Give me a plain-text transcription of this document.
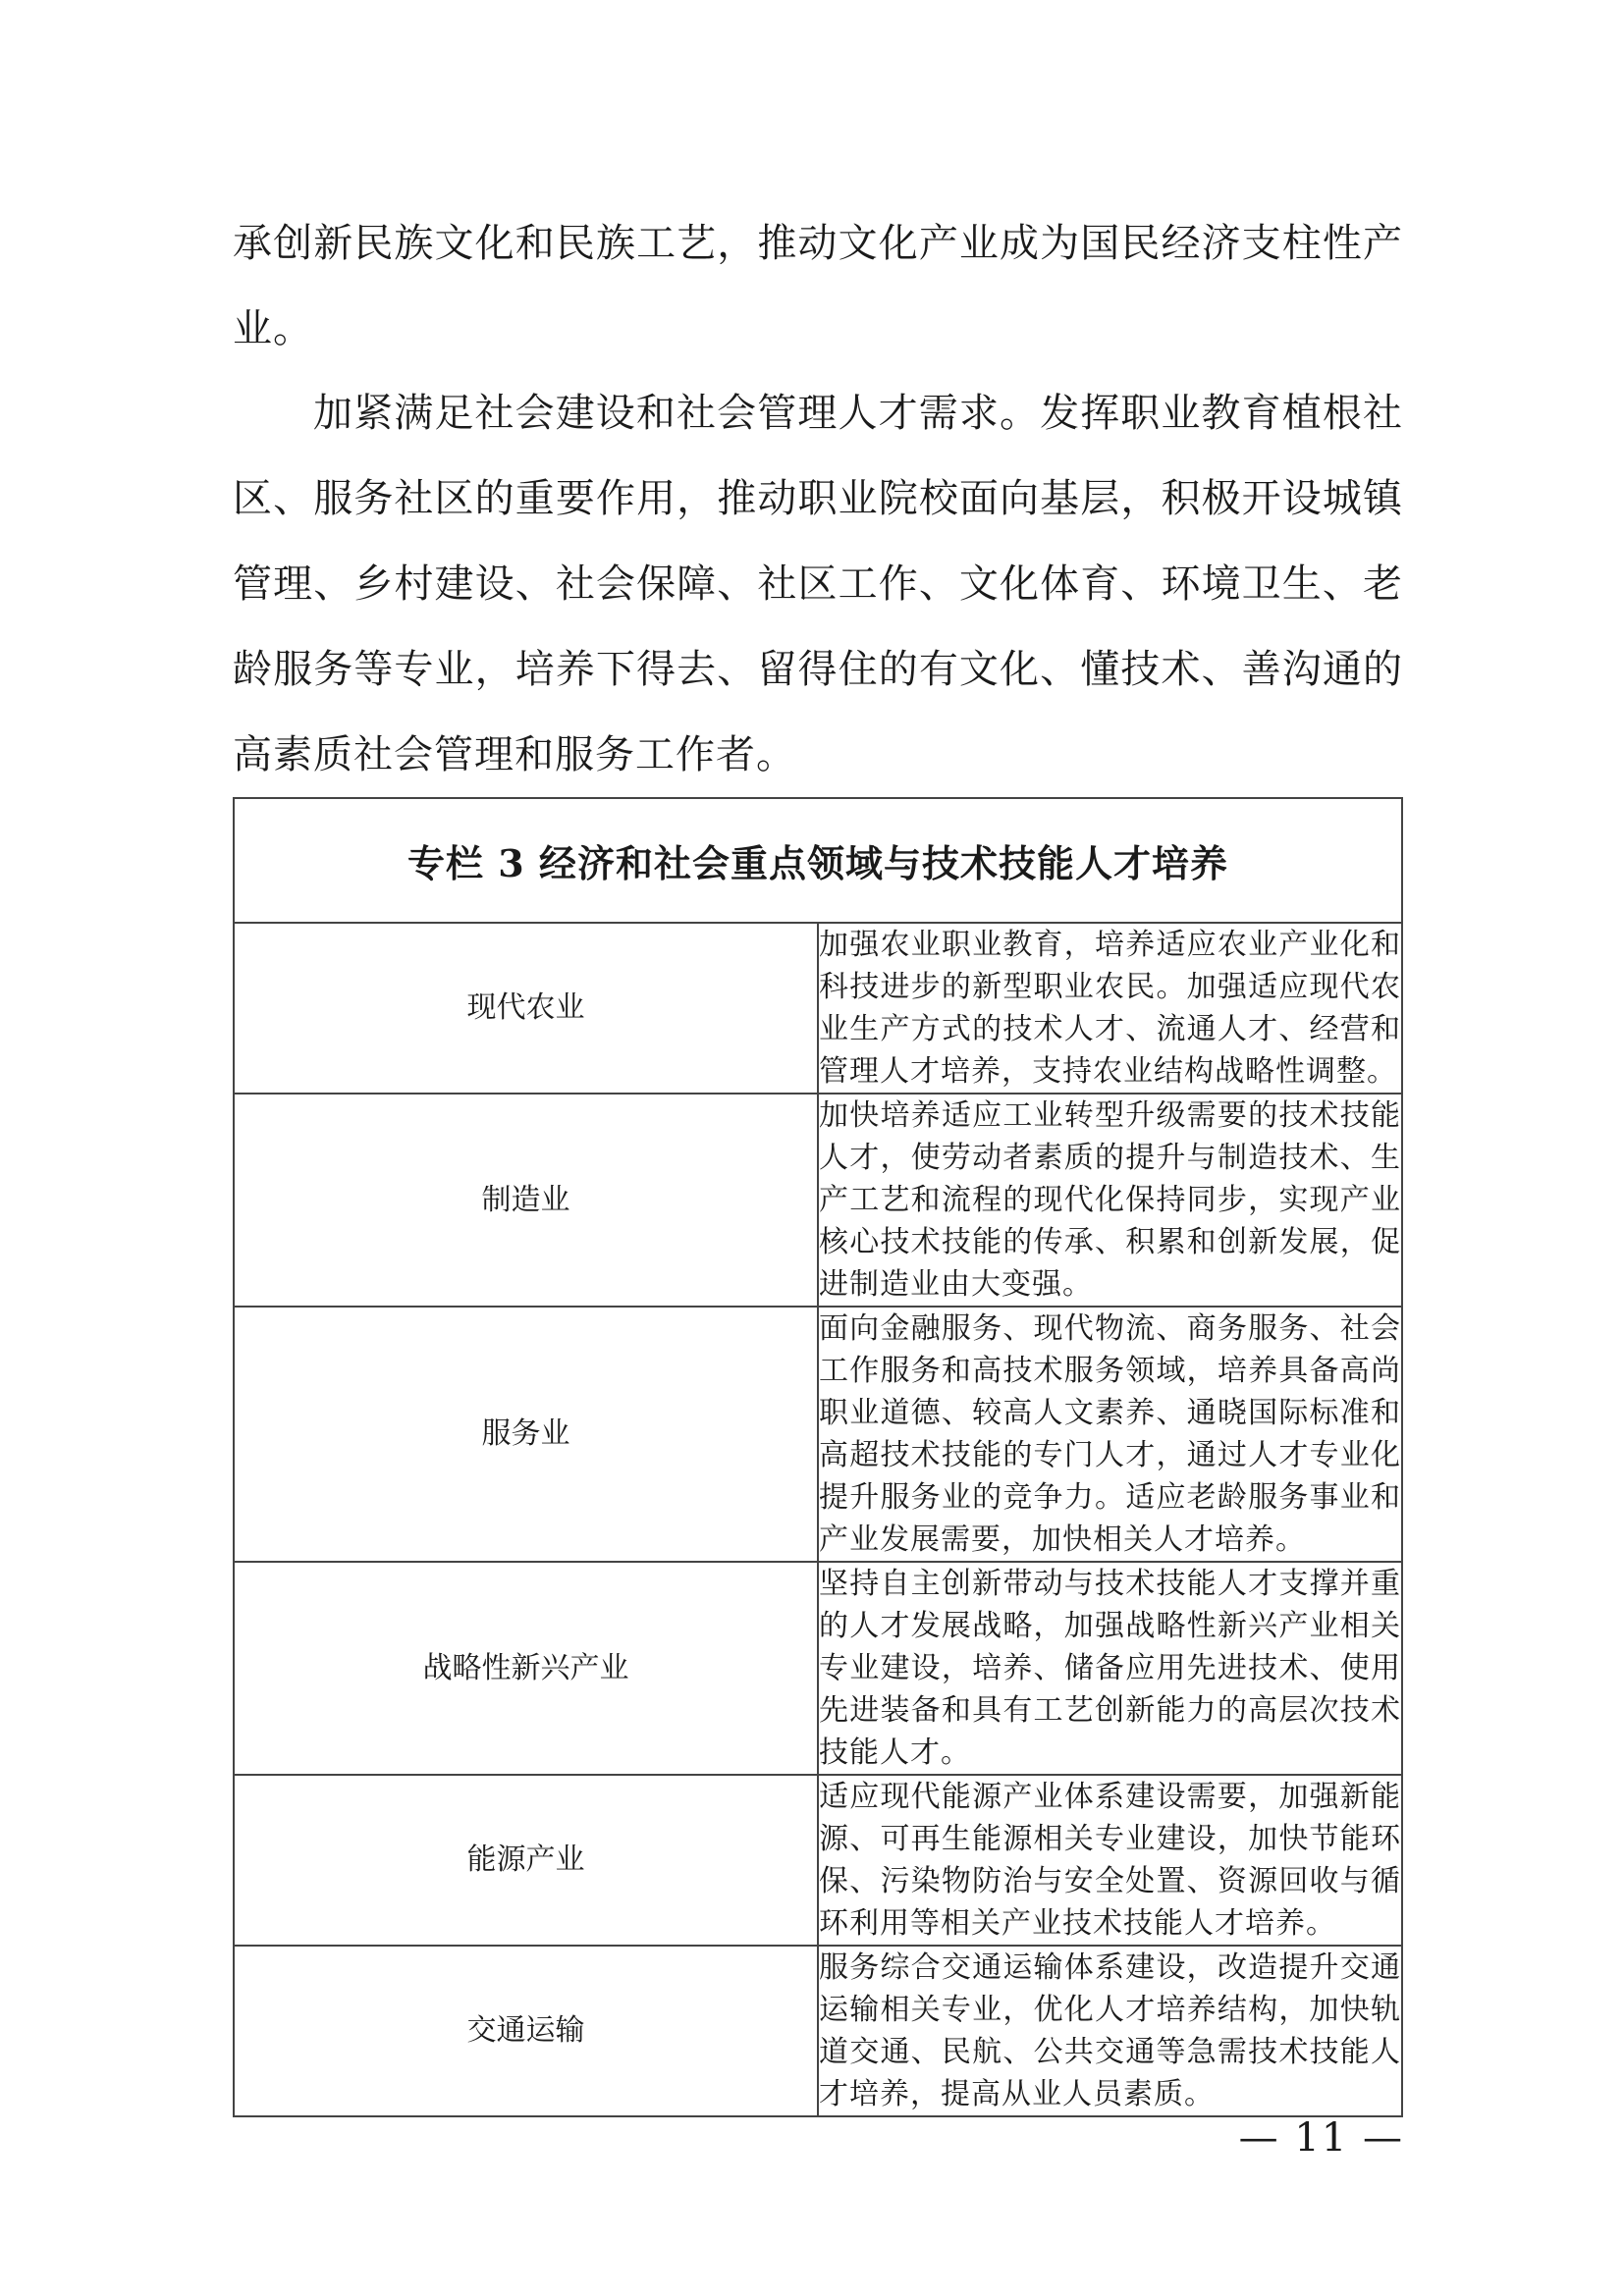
承创新民族文化和民族工艺，推动文化产业成为国民经济支柱性产业。

加紧满足社会建设和社会管理人才需求。发挥职业教育植根社区、服务社区的重要作用，推动职业院校面向基层，积极开设城镇管理、乡村建设、社会保障、社区工作、文化体育、环境卫生、老龄服务等专业，培养下得去、留得住的有文化、懂技术、善沟通的高素质社会管理和服务工作者。

专栏 3 经济和社会重点领域与技术技能人才培养	
现代农业	加强农业职业教育，培养适应农业产业化和科技进步的新型职业农民。加强适应现代农业生产方式的技术人才、流通人才、经营和管理人才培养，支持农业结构战略性调整。
制造业	加快培养适应工业转型升级需要的技术技能人才，使劳动者素质的提升与制造技术、生产工艺和流程的现代化保持同步，实现产业核心技术技能的传承、积累和创新发展，促进制造业由大变强。
服务业	面向金融服务、现代物流、商务服务、社会工作服务和高技术服务领域，培养具备高尚职业道德、较高人文素养、通晓国际标准和高超技术技能的专门人才，通过人才专业化提升服务业的竞争力。适应老龄服务事业和产业发展需要，加快相关人才培养。
战略性新兴产业	坚持自主创新带动与技术技能人才支撑并重的人才发展战略，加强战略性新兴产业相关专业建设，培养、储备应用先进技术、使用先进装备和具有工艺创新能力的高层次技术技能人才。
能源产业	适应现代能源产业体系建设需要，加强新能源、可再生能源相关专业建设，加快节能环保、污染物防治与安全处置、资源回收与循环利用等相关产业技术技能人才培养。
交通运输	服务综合交通运输体系建设，改造提升交通运输相关专业，优化人才培养结构，加快轨道交通、民航、公共交通等急需技术技能人才培养，提高从业人员素质。
— 11 —
